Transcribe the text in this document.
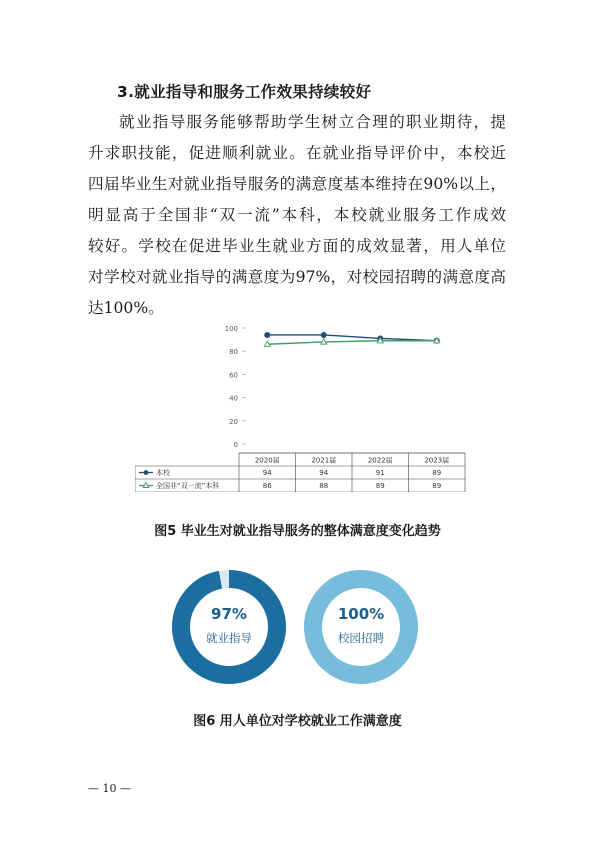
3.就业指导和服务工作效果持续较好
就业指导服务能够帮助学生树立合理的职业期待，提
升求职技能，促进顺利就业。在就业指导评价中，本校近
四届毕业生对就业指导服务的满意度基本维持在90%以上，
明显高于全国非“双一流”本科，本校就业服务工作成效
较好。学校在促进毕业生就业方面的成效显著，用人单位
对学校对就业指导的满意度为97%，对校园招聘的满意度高
达100%。
0
20
40
60
80
100
2020届	2021届	2022届	2023届
本校	94	94	91	89
全国非“双一流”本科	86	88	89	89
图5 毕业生对就业指导服务的整体满意度变化趋势
97%
就业指导
100%
校园招聘
图6 用人单位对学校就业工作满意度
— 10 —
